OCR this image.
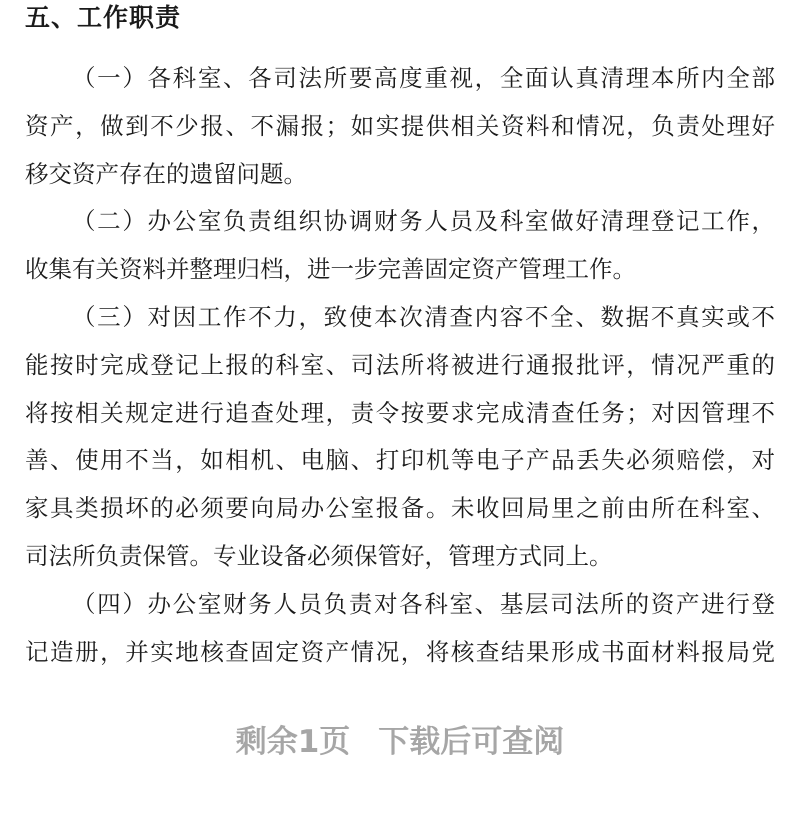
五、工作职责
（一）各科室、各司法所要高度重视，全面认真清理本所内全部
资产，做到不少报、不漏报；如实提供相关资料和情况，负责处理好
移交资产存在的遗留问题。
（二）办公室负责组织协调财务人员及科室做好清理登记工作，
收集有关资料并整理归档，进一步完善固定资产管理工作。
（三）对因工作不力，致使本次清查内容不全、数据不真实或不
能按时完成登记上报的科室、司法所将被进行通报批评，情况严重的
将按相关规定进行追查处理，责令按要求完成清查任务；对因管理不
善、使用不当，如相机、电脑、打印机等电子产品丢失必须赔偿，对
家具类损坏的必须要向局办公室报备。未收回局里之前由所在科室、
司法所负责保管。专业设备必须保管好，管理方式同上。
（四）办公室财务人员负责对各科室、基层司法所的资产进行登
记造册，并实地核查固定资产情况，将核查结果形成书面材料报局党
剩余1页 下载后可查阅
